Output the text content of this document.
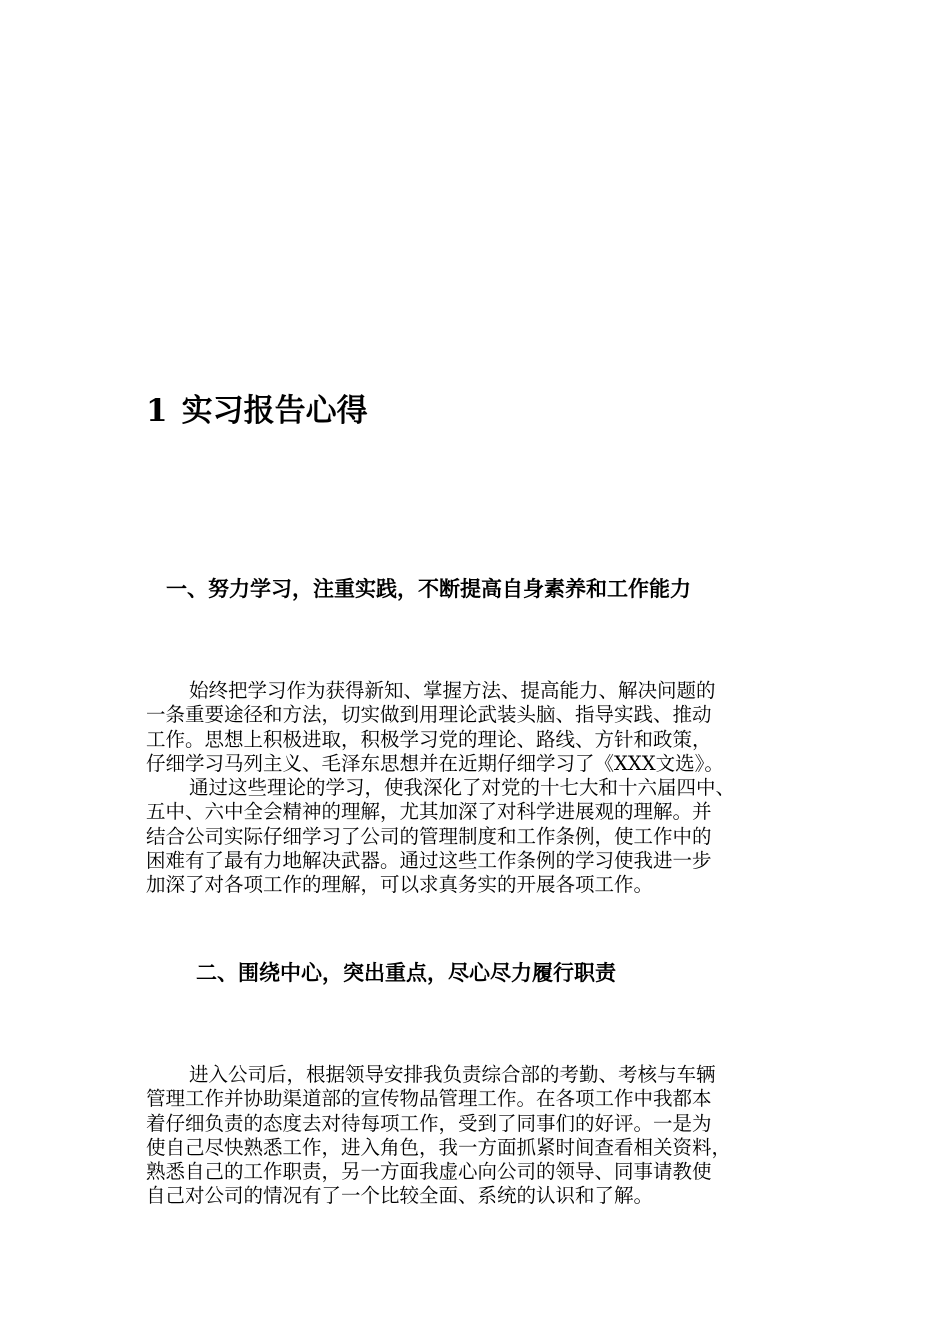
1 实习报告心得
一、努力学习，注重实践，不断提高自身素养和工作能力
始终把学习作为获得新知、掌握方法、提高能力、解决问题的
一条重要途径和方法，切实做到用理论武装头脑、指导实践、推动
工作。思想上积极进取，积极学习党的理论、路线、方针和政策，
仔细学习马列主义、毛泽东思想并在近期仔细学习了《XXX文选》。
通过这些理论的学习，使我深化了对党的十七大和十六届四中、
五中、六中全会精神的理解，尤其加深了对科学进展观的理解。并
结合公司实际仔细学习了公司的管理制度和工作条例，使工作中的
困难有了最有力地解决武器。通过这些工作条例的学习使我进一步
加深了对各项工作的理解，可以求真务实的开展各项工作。
二、围绕中心，突出重点，尽心尽力履行职责
进入公司后，根据领导安排我负责综合部的考勤、考核与车辆
管理工作并协助渠道部的宣传物品管理工作。在各项工作中我都本
着仔细负责的态度去对待每项工作，受到了同事们的好评。一是为
使自己尽快熟悉工作，进入角色，我一方面抓紧时间查看相关资料，
熟悉自己的工作职责，另一方面我虚心向公司的领导、同事请教使
自己对公司的情况有了一个比较全面、系统的认识和了解。
